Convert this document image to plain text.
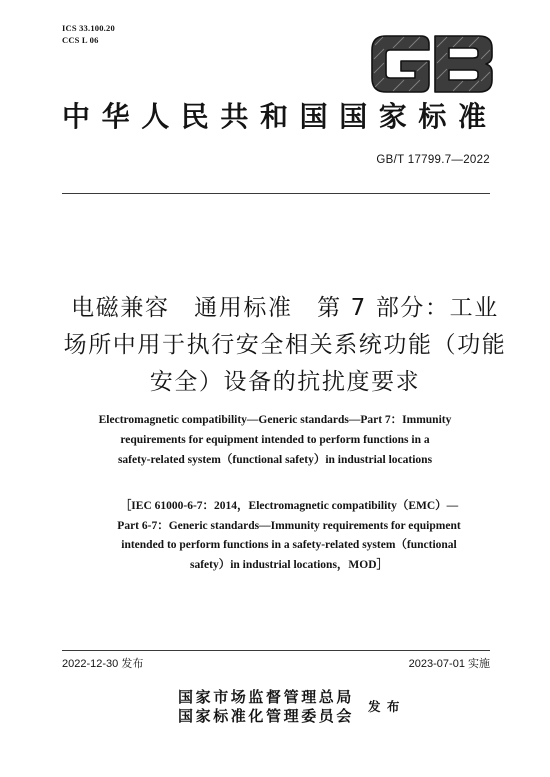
ICS 33.100.20
CCS L 06
中华人民共和国国家标准
GB/T 17799.7—2022
电磁兼容　通用标准　第 7 部分：工业
场所中用于执行安全相关系统功能（功能
安全）设备的抗扰度要求
Electromagnetic compatibility—Generic standards—Part 7：Immunity
requirements for equipment intended to perform functions in a
safety-related system（functional safety）in industrial locations
［IEC 61000-6-7：2014，Electromagnetic compatibility（EMC）—
Part 6-7：Generic standards—Immunity requirements for equipment
intended to perform functions in a safety-related system（functional
safety）in industrial locations，MOD］
2022-12-30 发布	2023-07-01 实施
国家市场监督管理总局
国家标准化管理委员会
发 布
